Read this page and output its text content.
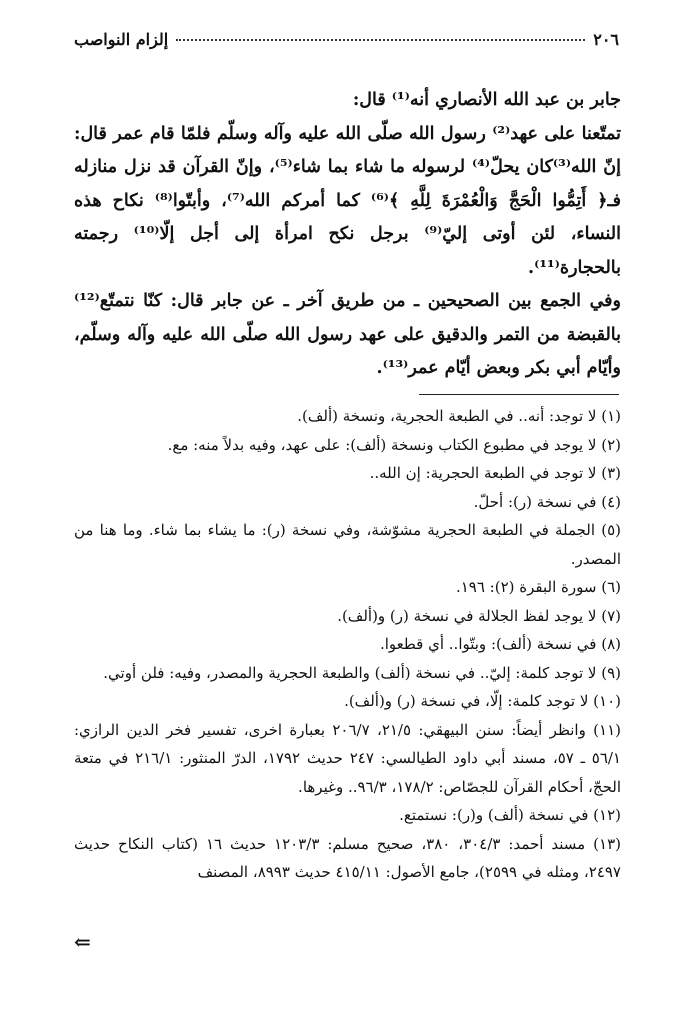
٢٠٦
إلزام النواصب

جابر بن عبد الله الأنصاري أنه⁽¹⁾ قال:

تمتّعنا على عهد⁽²⁾ رسول الله صلّى الله عليه وآله وسلّم فلمّا قام عمر قال: إنّ الله⁽³⁾كان يحلّ⁽⁴⁾ لرسوله ما شاء بما شاء⁽⁵⁾، وإنّ القرآن قد نزل منازله فـ﴿ أَتِمُّوا الْحَجَّ وَالْعُمْرَةَ لِلَّهِ ﴾⁽⁶⁾ كما أمركم الله⁽⁷⁾، وأبتّوا⁽⁸⁾ نكاح هذه النساء، لئن أوتى إليّ⁽⁹⁾ برجل نكح امرأة إلى أجل إلّا⁽¹⁰⁾ رجمته بالحجارة⁽¹¹⁾.

وفي الجمع بين الصحيحين ـ من طريق آخر ـ عن جابر قال: كنّا نتمتّع⁽¹²⁾ بالقبضة من التمر والدقيق على عهد رسول الله صلّى الله عليه وآله وسلّم، وأيّام أبي بكر وبعض أيّام عمر⁽¹³⁾.

(١) لا توجد: أنه.. في الطبعة الحجرية، ونسخة (ألف).
(٢) لا يوجد في مطبوع الكتاب ونسخة (ألف): على عهد، وفيه بدلاً منه: مع.
(٣) لا توجد في الطبعة الحجرية: إن الله..
(٤) في نسخة (ر): أحلّ.
(٥) الجملة في الطبعة الحجرية مشوّشة، وفي نسخة (ر): ما يشاء بما شاء. وما هنا من المصدر.
(٦) سورة البقرة (٢): ١٩٦.
(٧) لا يوجد لفظ الجلالة في نسخة (ر) و(ألف).
(٨) في نسخة (ألف): وبتّوا.. أي قطعوا.
(٩) لا توجد كلمة: إليّ.. في نسخة (ألف) والطبعة الحجرية والمصدر، وفيه: فلن أوتي.
(١٠) لا توجد كلمة: إلّا، في نسخة (ر) و(ألف).
(١١) وانظر أيضاً: سنن البيهقي: ٢١/٥، ٢٠٦/٧ بعبارة اخرى، تفسير فخر الدين الرازي: ٥٦/١ ـ ٥٧، مسند أبي داود الطيالسي: ٢٤٧ حديث ١٧٩٢، الدرّ المنثور: ٢١٦/١ في متعة الحجّ، أحكام القرآن للجصّاص: ١٧٨/٢، ٩٦/٣.. وغيرها.
(١٢) في نسخة (ألف) و(ر): نستمتع.
(١٣) مسند أحمد: ٣٠٤/٣، ٣٨٠، صحيح مسلم: ١٢٠٣/٣ حديث ١٦ (كتاب النكاح حديث ٢٤٩٧، ومثله في ٢٥٩٩)، جامع الأصول: ٤١٥/١١ حديث ٨٩٩٣، المصنف
⇐
